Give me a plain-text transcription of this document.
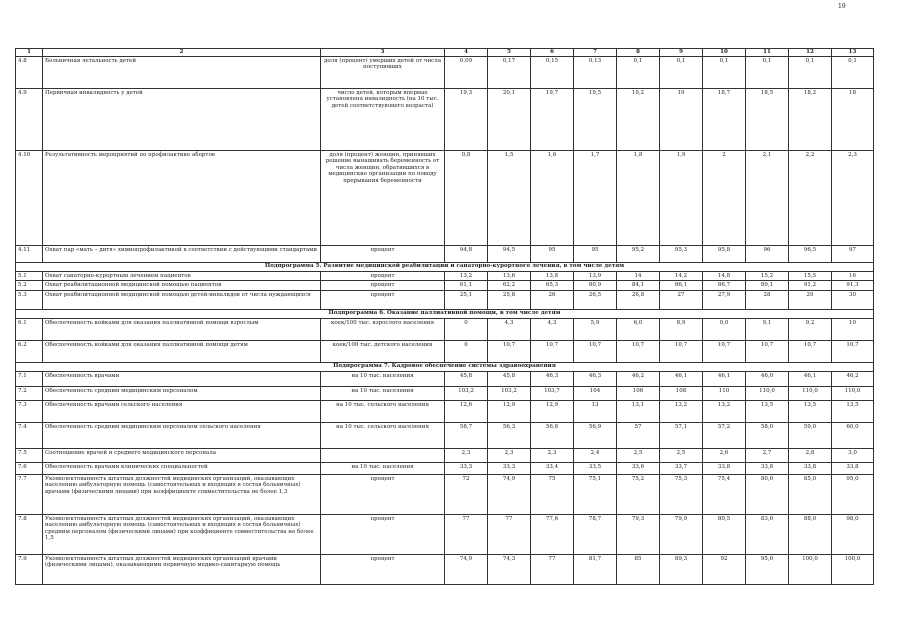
19
1	2	3	4	5	6	7	8	9	10	11	12	13
4.8	Больничная летальность детей	доля (процент) умерших детей от числа поступивших	0,09	0,17	0,15	0,13	0,1	0,1	0,1	0,1	0,1	0,1
4.9	Первичная инвалидность у детей	число детей, которым впервые установлена инвалидность (на 10 тыс. детей соответствующего возраста)	19,3	20,1	19,7	19,5	19,2	19	18,7	18,5	18,2	18
4.10	Результативность мероприятий по профилактике абортов	доля (процент) женщин, принявших решение вынашивать беременность от числа женщин, обратившихся в медицинские организации по поводу прерывания беременности	0,8	1,5	1,6	1,7	1,8	1,9	2	2,1	2,2	2,3
4.11	Охват пар «мать – дитя» химиопрофилактикой в соответствии с действующими стандартами	процент	94,8	94,5	95	95	95,2	95,3	95,8	96	96,5	97
Подпрограмма 5. Развитие медицинской реабилитации и санаторно-курортного лечения, в том числе детям												
5.1	Охват санаторно-курортным лечением пациентов	процент	13,2	13,6	13,8	13,9	14	14,2	14,8	15,2	15,5	16
5.2	Охват реабилитационной медицинской помощью пациентов	процент	61,1	62,2	65,3	80,9	84,1	86,1	86,7	89,1	91,2	91,3
5.3	Охват реабилитационной медицинской помощью детей-инвалидов от числа нуждающихся	процент	25,1	25,8	26	26,5	26,8	27	27,9	28	29	30
Подпрограмма 6. Оказание паллиативной помощи, в том числе детям												
6.1	Обеспеченность койками для оказания паллиативной помощи взрослым	коек/100 тыс. взрослого населения	0	4,3	4,3	5,9	6,0	8,9	9,0	9,1	9,2	10
6.2	Обеспеченность койками для оказания паллиативной помощи детям	коек/100 тыс. детского населения	0	10,7	10,7	10,7	10,7	10,7	10,7	10,7	10,7	10,7
Подпрограмма 7. Кадровое обеспечение системы здравоохранения												
7.1	Обеспеченность врачами	на 10 тыс. населения	45,8	45,8	46,3	46,3	46,2	46,1	46,1	46,0	46,1	46,2
7.2	Обеспеченность средним медицинским персоналом	на 10 тыс. населения	103,2	103,2	103,7	104	106	108	110	110,0	110,0	110,0
7.3	Обеспеченность врачами сельского населения	на 10 тыс. сельского населения	12,6	12,9	12,9	13	13,1	13,2	13,2	13,5	13,5	13,5
7.4	Обеспеченность средним медицинским персоналом сельского населения	на 10 тыс. сельского населения	58,7	56,3	56,8	56,9	57	57,1	57,2	58,0	59,0	60,0
7.5	Соотношение врачей и среднего медицинского персонала		2,3	2,3	2,3	2,4	2,5	2,5	2,6	2,7	2,8	3,0
7.6	Обеспеченность врачами клинических специальностей	на 10 тыс. населения	33,3	33,3	33,4	33,5	33,6	33,7	33,8	33,8	33,8	33,8
7.7	Укомплектованность штатных должностей медицинских организаций, оказывающих населению амбулаторную помощь (самостоятельных и входящих в состав больничных) врачами (физическими лицами) при коэффициенте совместительства не более 1,3	процент	72	74,9	75	75,1	75,2	75,3	75,4	80,0	85,0	95,0
7.8	Укомплектованность штатных должностей медицинских организаций, оказывающих населению амбулаторную помощь (самостоятельных и входящих в состав больничных) средним персоналом (физическими лицами) при коэффициенте совместительства не более 1,5	процент	77	77	77,6	78,7	79,3	79,9	80,5	83,0	88,0	98,0
7.9	Укомплектованность штатных должностей медицинских организаций врачами (физическими лицами), оказывающими первичную медико-санитарную помощь	процент	74,9	74,3	77	81,7	85	89,3	92	95,0	100,0	100,0
